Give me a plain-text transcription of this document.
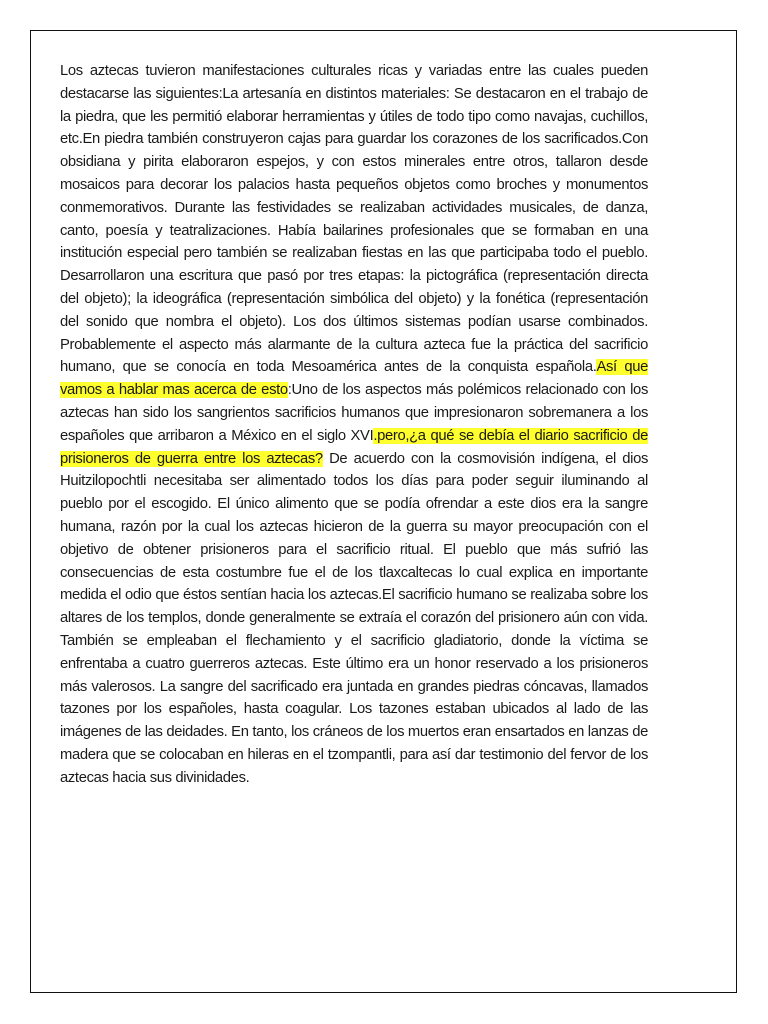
Los aztecas tuvieron manifestaciones culturales ricas y variadas entre las cuales pueden destacarse las siguientes:La artesanía en distintos materiales: Se destacaron en el trabajo de la piedra, que les permitió elaborar herramientas y útiles de todo tipo como navajas, cuchillos, etc.En piedra también construyeron cajas para guardar los corazones de los sacrificados.Con obsidiana y pirita elaboraron espejos, y con estos minerales entre otros, tallaron desde mosaicos para decorar los palacios hasta pequeños objetos como broches y monumentos conmemorativos. Durante las festividades se realizaban actividades musicales, de danza, canto, poesía y teatralizaciones. Había bailarines profesionales que se formaban en una institución especial pero también se realizaban fiestas en las que participaba todo el pueblo. Desarrollaron una escritura que pasó por tres etapas: la pictográfica (representación directa del objeto); la ideográfica (representación simbólica del objeto) y la fonética (representación del sonido que nombra el objeto). Los dos últimos sistemas podían usarse combinados. Probablemente el aspecto más alarmante de la cultura azteca fue la práctica del sacrificio humano, que se conocía en toda Mesoamérica antes de la conquista española.Así que vamos a hablar mas acerca de esto:Uno de los aspectos más polémicos relacionado con los aztecas han sido los sangrientos sacrificios humanos que impresionaron sobremanera a los españoles que arribaron a México en el siglo XVI.pero,¿a qué se debía el diario sacrificio de prisioneros de guerra entre los aztecas? De acuerdo con la cosmovisión indígena, el dios Huitzilopochtli necesitaba ser alimentado todos los días para poder seguir iluminando al pueblo por el escogido. El único alimento que se podía ofrendar a este dios era la sangre humana, razón por la cual los aztecas hicieron de la guerra su mayor preocupación con el objetivo de obtener prisioneros para el sacrificio ritual. El pueblo que más sufrió las consecuencias de esta costumbre fue el de los tlaxcaltecas lo cual explica en importante medida el odio que éstos sentían hacia los aztecas.El sacrificio humano se realizaba sobre los altares de los templos, donde generalmente se extraía el corazón del prisionero aún con vida. También se empleaban el flechamiento y el sacrificio gladiatorio, donde la víctima se enfrentaba a cuatro guerreros aztecas. Este último era un honor reservado a los prisioneros más valerosos. La sangre del sacrificado era juntada en grandes piedras cóncavas, llamados tazones por los españoles, hasta coagular. Los tazones estaban ubicados al lado de las imágenes de las deidades. En tanto, los cráneos de los muertos eran ensartados en lanzas de madera que se colocaban en hileras en el tzompantli, para así dar testimonio del fervor de los aztecas hacia sus divinidades.
